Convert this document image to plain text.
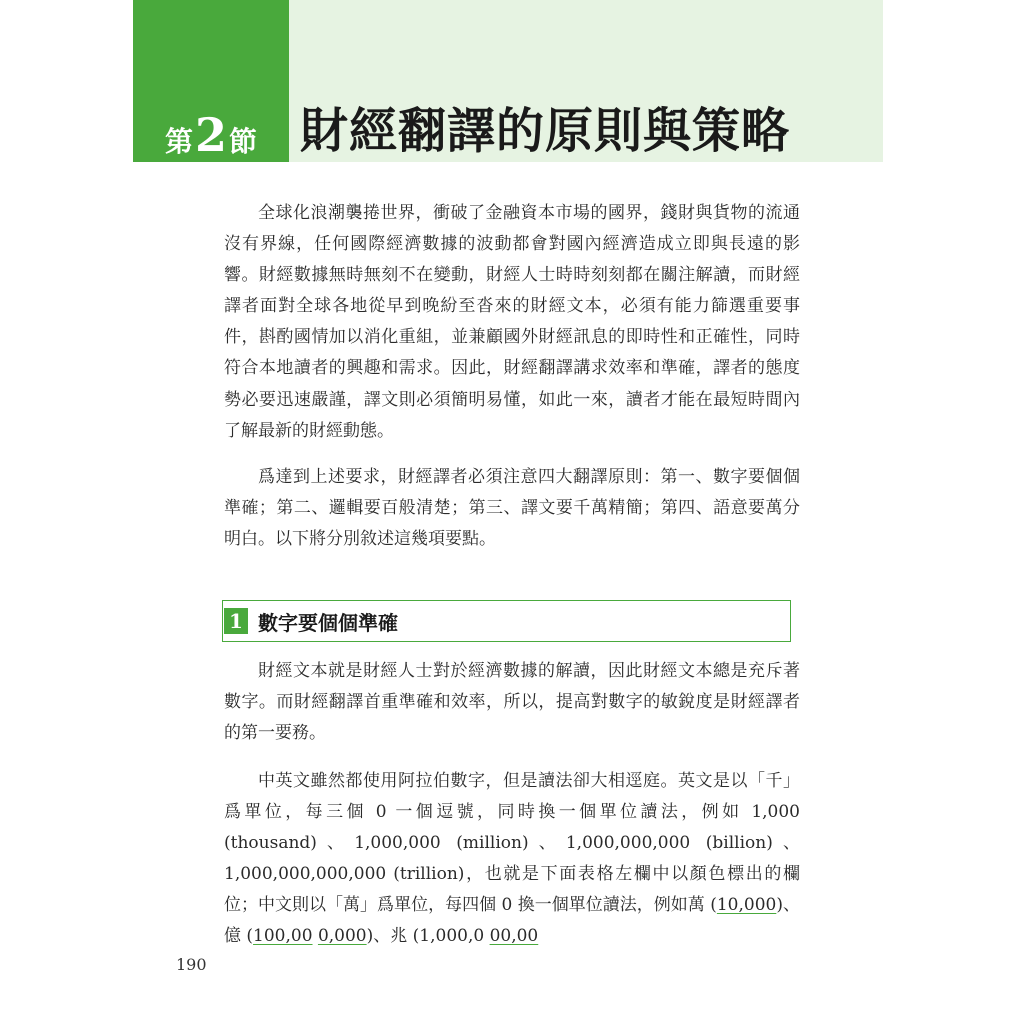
第 2 節 財經翻譯的原則與策略

全球化浪潮襲捲世界，衝破了金融資本市場的國界，錢財與貨物的流通沒有界線，任何國際經濟數據的波動都會對國內經濟造成立即與長遠的影響。財經數據無時無刻不在變動，財經人士時時刻刻都在關注解讀，而財經譯者面對全球各地從早到晚紛至沓來的財經文本，必須有能力篩選重要事件，斟酌國情加以消化重組，並兼顧國外財經訊息的即時性和正確性，同時符合本地讀者的興趣和需求。因此，財經翻譯講求效率和準確，譯者的態度勢必要迅速嚴謹，譯文則必須簡明易懂，如此一來，讀者才能在最短時間內了解最新的財經動態。

爲達到上述要求，財經譯者必須注意四大翻譯原則：第一、數字要個個準確；第二、邏輯要百般清楚；第三、譯文要千萬精簡；第四、語意要萬分明白。以下將分別敘述這幾項要點。

1 數字要個個準確

財經文本就是財經人士對於經濟數據的解讀，因此財經文本總是充斥著數字。而財經翻譯首重準確和效率，所以，提高對數字的敏銳度是財經譯者的第一要務。

中英文雖然都使用阿拉伯數字，但是讀法卻大相逕庭。英文是以「千」爲單位，每三個 0 一個逗號，同時換一個單位讀法，例如 1,000 (thousand)、1,000,000 (million)、1,000,000,000 (billion)、1,000,000,000,000 (trillion)，也就是下面表格左欄中以顏色標出的欄位；中文則以「萬」爲單位，每四個 0 換一個單位讀法，例如萬 (10,000)、億 (100,00 0,000)、兆 (1,000,0 00,00

190
